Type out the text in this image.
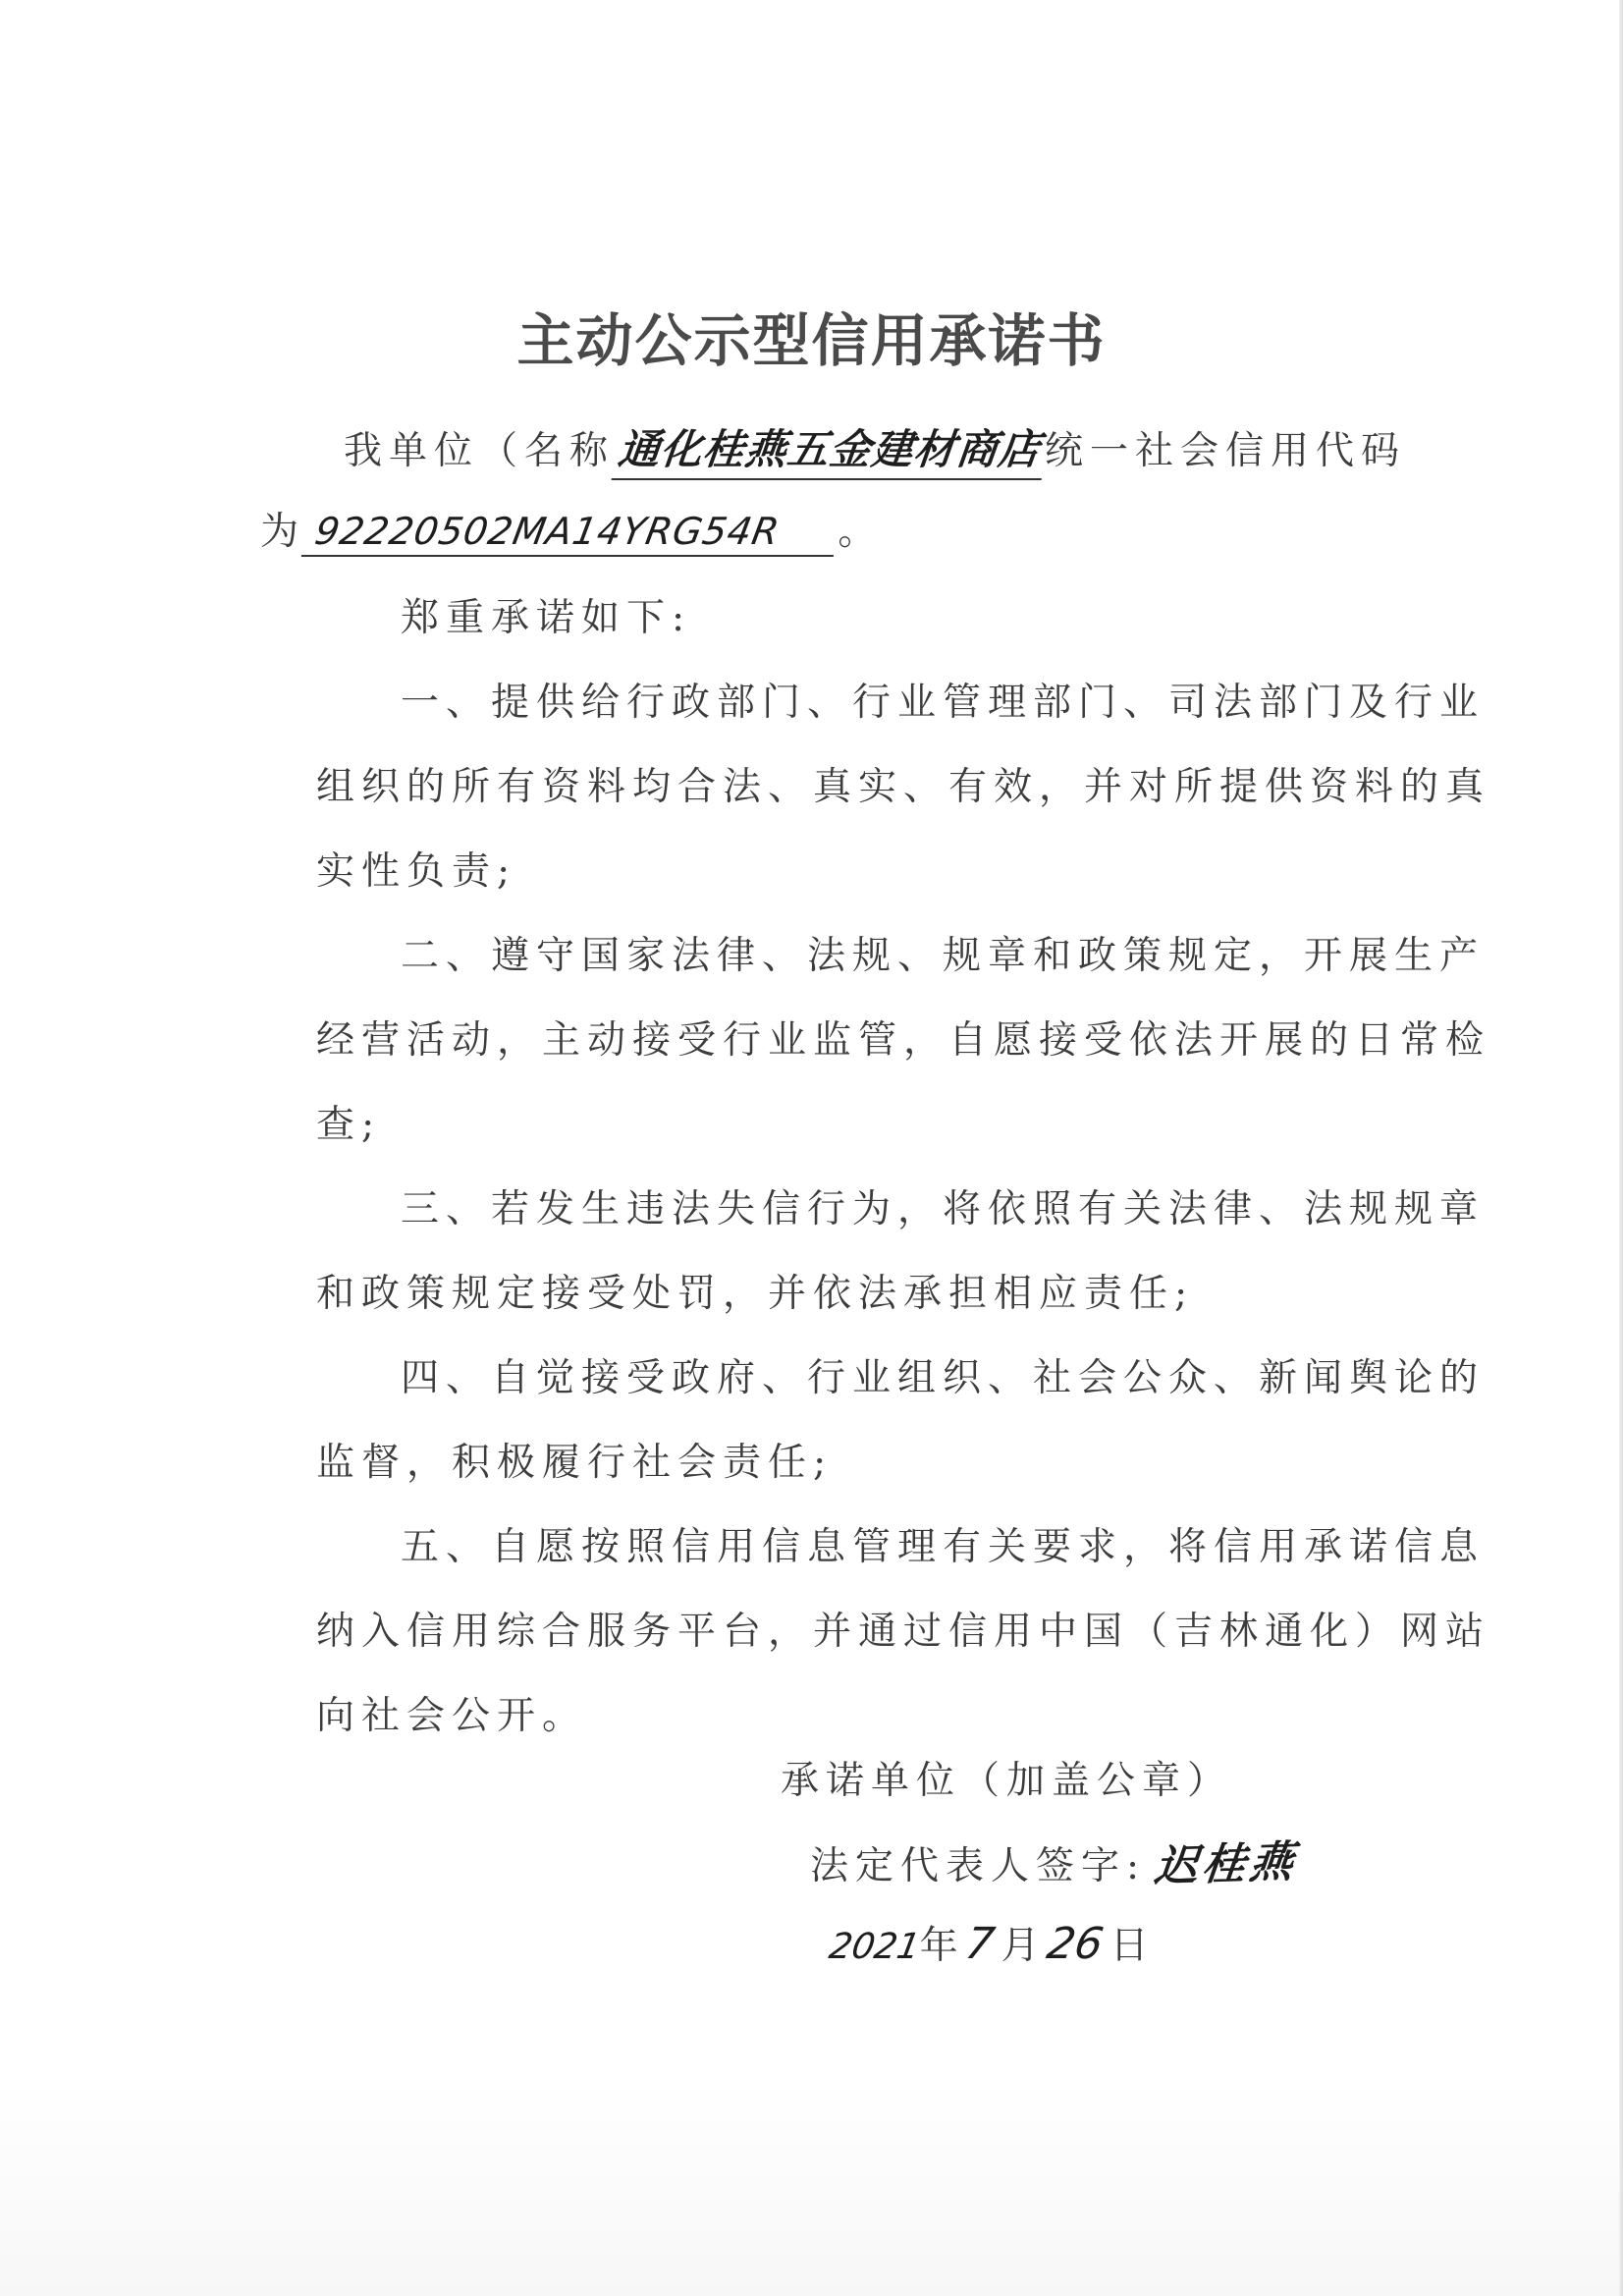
主动公示型信用承诺书
我单位（名称通化桂燕五金建材商店统一社会信用代码
为 92220502MA14YRG54R 。
郑重承诺如下:
一、提供给行政部门、行业管理部门、司法部门及行业
组织的所有资料均合法、真实、有效，并对所提供资料的真
实性负责;
二、遵守国家法律、法规、规章和政策规定，开展生产
经营活动，主动接受行业监管，自愿接受依法开展的日常检
查;
三、若发生违法失信行为，将依照有关法律、法规规章
和政策规定接受处罚，并依法承担相应责任;
四、自觉接受政府、行业组织、社会公众、新闻舆论的
监督，积极履行社会责任;
五、自愿按照信用信息管理有关要求，将信用承诺信息
纳入信用综合服务平台，并通过信用中国（吉林通化）网站
向社会公开。
承诺单位（加盖公章）
法定代表人签字: 迟桂燕
2021年7月26日
